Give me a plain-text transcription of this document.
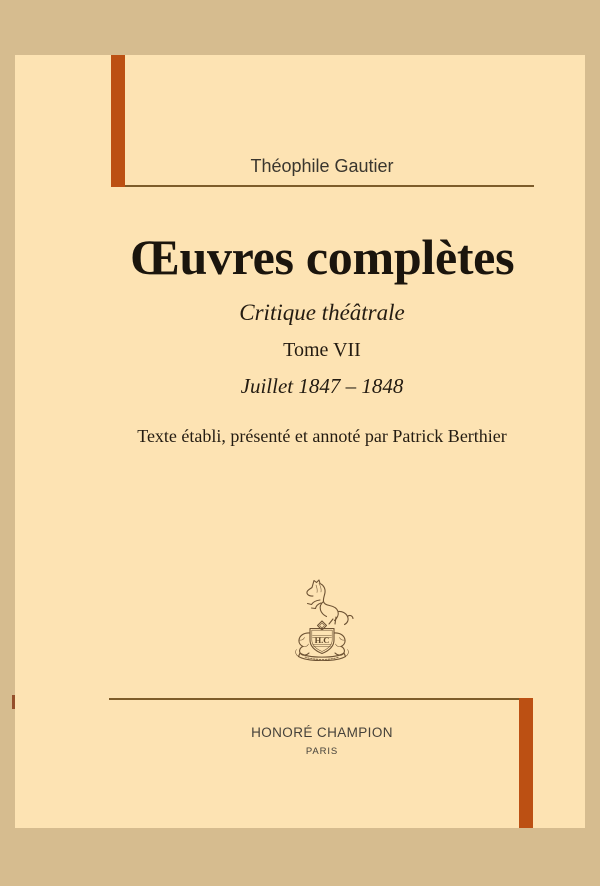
Théophile Gautier
Œuvres complètes
Critique théâtrale
Tome VII
Juillet 1847 – 1848
Texte établi, présenté et annoté par Patrick Berthier
H.C
HONORÉ CHAMPION
PARIS
